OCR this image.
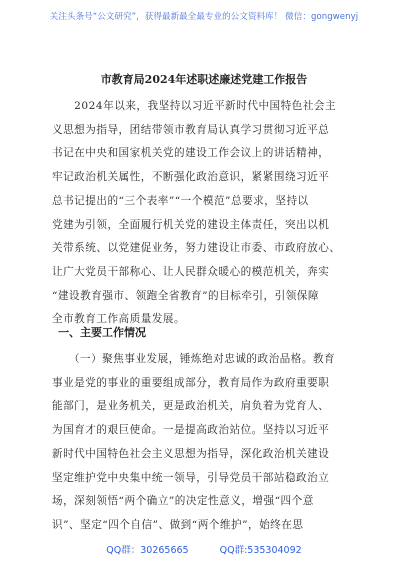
关注头条号“公文研究”，获得最新最全最专业的公文资料库！ 微信：gongwenyj
市教育局2024年述职述廉述党建工作报告
　　2024年以来，我坚持以习近平新时代中国特色社会主
义思想为指导，团结带领市教育局认真学习贯彻习近平总
书记在中央和国家机关党的建设工作会议上的讲话精神，
牢记政治机关属性，不断强化政治意识，紧紧围绕习近平
总书记提出的“三个表率”“一个模范”总要求，坚持以
党建为引领，全面履行机关党的建设主体责任，突出以机
关带系统、以党建促业务，努力建设让市委、市政府放心、
让广大党员干部称心、让人民群众暖心的模范机关，奔实
“建设教育强市、领跑全省教育”的目标牵引，引领保障
全市教育工作高质量发展。
一、主要工作情况
　　（一）聚焦事业发展，锤炼绝对忠诚的政治品格。教育
事业是党的事业的重要组成部分，教育局作为政府重要职
能部门，是业务机关，更是政治机关，肩负着为党育人、
为国育才的艰巨使命。一是提高政治站位。坚持以习近平
新时代中国特色社会主义思想为指导，深化政治机关建设
坚定维护党中央集中统一领导，引导党员干部站稳政治立
场，深刻领悟“两个确立”的决定性意义，增强“四个意
识”、坚定“四个自信”、做到“两个维护”，始终在思
QQ群：30265665	QQ群:535304092
